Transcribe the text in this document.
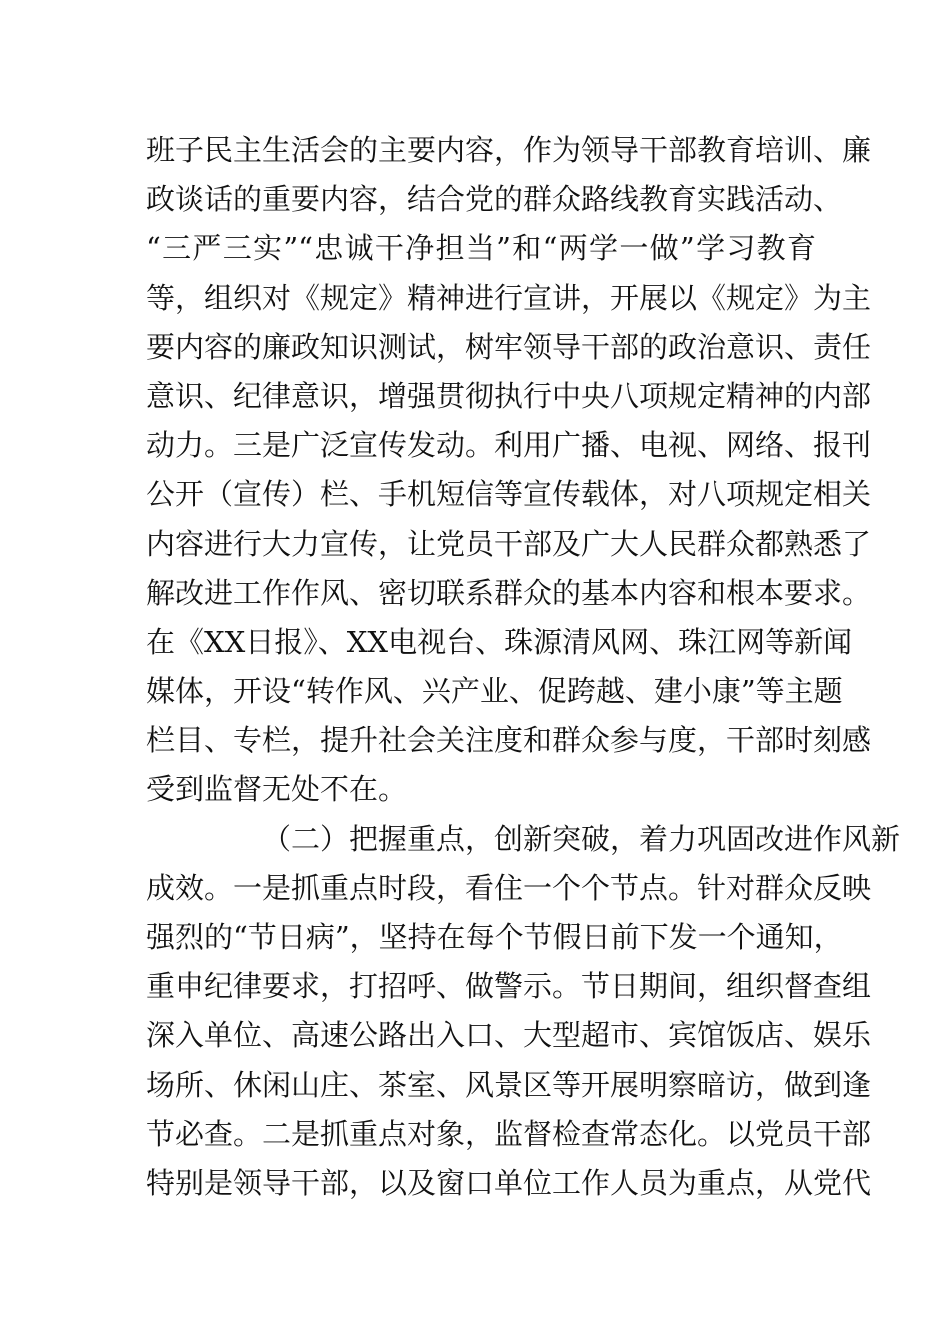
班子民主生活会的主要内容，作为领导干部教育培训、廉
政谈话的重要内容，结合党的群众路线教育实践活动、
“三严三实”“忠诚干净担当”和“两学一做”学习教育
等，组织对《规定》精神进行宣讲，开展以《规定》为主
要内容的廉政知识测试，树牢领导干部的政治意识、责任
意识、纪律意识，增强贯彻执行中央八项规定精神的内部
动力。三是广泛宣传发动。利用广播、电视、网络、报刊
公开（宣传）栏、手机短信等宣传载体，对八项规定相关
内容进行大力宣传，让党员干部及广大人民群众都熟悉了
解改进工作作风、密切联系群众的基本内容和根本要求。
在《XX日报》、XX电视台、珠源清风网、珠江网等新闻
媒体，开设“转作风、兴产业、促跨越、建小康”等主题
栏目、专栏，提升社会关注度和群众参与度，干部时刻感
受到监督无处不在。
（二）把握重点，创新突破，着力巩固改进作风新
成效。一是抓重点时段，看住一个个节点。针对群众反映
强烈的“节日病”，坚持在每个节假日前下发一个通知，
重申纪律要求，打招呼、做警示。节日期间，组织督查组
深入单位、高速公路出入口、大型超市、宾馆饭店、娱乐
场所、休闲山庄、茶室、风景区等开展明察暗访，做到逢
节必查。二是抓重点对象，监督检查常态化。以党员干部
特别是领导干部，以及窗口单位工作人员为重点，从党代
